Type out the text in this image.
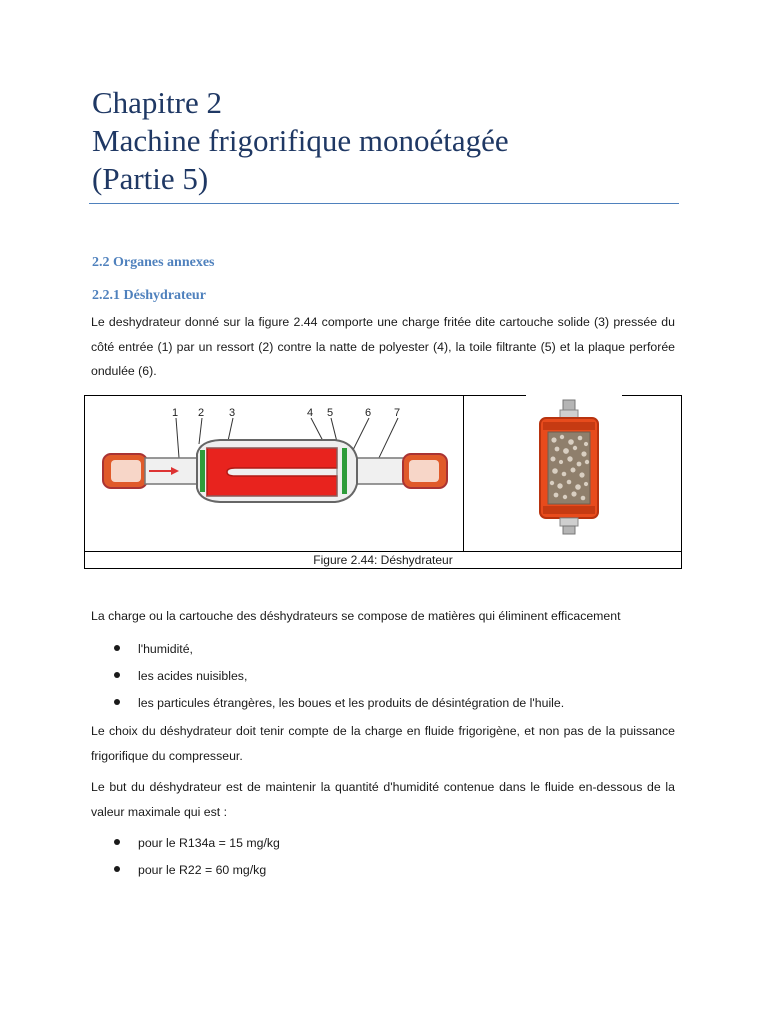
Chapitre 2
Machine frigorifique monoétagée
(Partie 5)
2.2 Organes annexes
2.2.1 Déshydrateur
Le deshydrateur donné sur la figure 2.44 comporte une charge fritée dite cartouche solide (3) pressée du côté entrée (1) par un ressort (2) contre la natte de polyester (4), la toile filtrante (5) et la plaque perforée ondulée (6).
1 2 3	4 5	6 7
Figure 2.44: Déshydrateur
La charge ou la cartouche des déshydrateurs se compose de matières qui éliminent efficacement
l'humidité,
les acides nuisibles,
les particules étrangères, les boues et les produits de désintégration de l'huile.
Le choix du déshydrateur doit tenir compte de la charge en fluide frigorigène, et non pas de la puissance frigorifique du compresseur.
Le but du déshydrateur est de maintenir la quantité d'humidité contenue dans le fluide en-dessous de la valeur maximale qui est :
pour le R134a = 15 mg/kg
pour le R22 = 60 mg/kg
